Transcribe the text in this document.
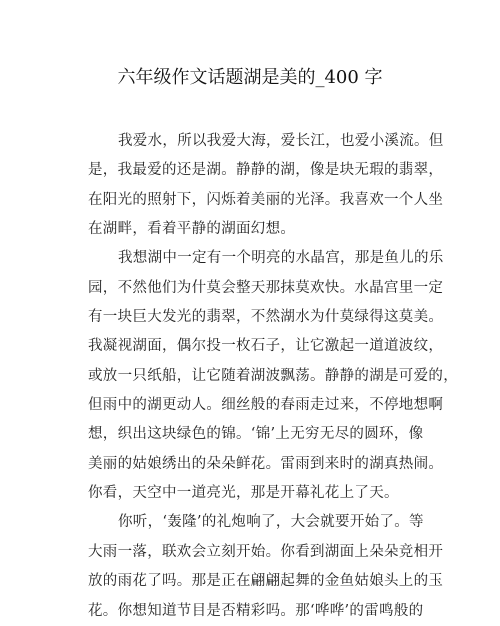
六年级作文话题湖是美的_400 字
我爱水，所以我爱大海，爱长江，也爱小溪流。但
是，我最爱的还是湖。静静的湖，像是块无瑕的翡翠，
在阳光的照射下，闪烁着美丽的光泽。我喜欢一个人坐
在湖畔，看着平静的湖面幻想。
我想湖中一定有一个明亮的水晶宫，那是鱼儿的乐
园，不然他们为什莫会整天那抹莫欢快。水晶宫里一定
有一块巨大发光的翡翠，不然湖水为什莫绿得这莫美。
我凝视湖面，偶尔投一枚石子，让它激起一道道波纹，
或放一只纸船，让它随着湖波飘荡。静静的湖是可爱的，
但雨中的湖更动人。细丝般的春雨走过来，不停地想啊
想，织出这块绿色的锦。‘锦’上无穷无尽的圆环，像
美丽的姑娘绣出的朵朵鲜花。雷雨到来时的湖真热闹。
你看，天空中一道亮光，那是开幕礼花上了天。
你听，‘轰隆’的礼炮响了，大会就要开始了。等
大雨一落，联欢会立刻开始。你看到湖面上朵朵竞相开
放的雨花了吗。那是正在翩翩起舞的金鱼姑娘头上的玉
花。你想知道节目是否精彩吗。那‘哗哗’的雷鸣般的
